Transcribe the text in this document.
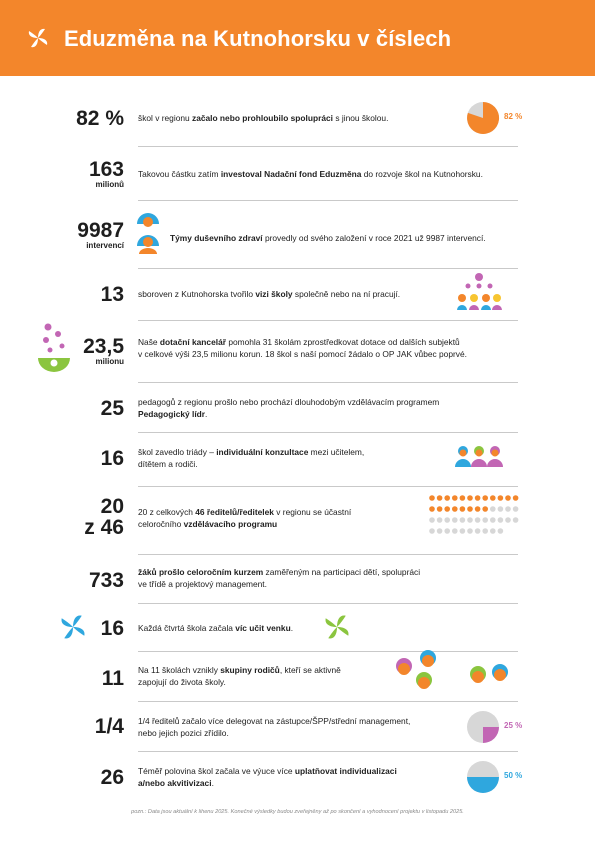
Eduzměna na Kutnohorsku v číslech
82 % škol v regionu začalo nebo prohloubilo spolupráci s jinou školou.	82 %
163
milionů
Takovou částku zatím investoval Nadační fond Eduzměna do rozvoje škol na Kutnohorsku.
9987
intervencí
Týmy duševního zdraví provedly od svého založení v roce 2021 už 9987 intervencí.
13 sboroven z Kutnohorska tvořilo vizi školy společně nebo na ní pracují.
23,5
milionu
Naše dotační kancelář pomohla 31 školám zprostředkovat dotace od dalších subjektů
v celkové výši 23,5 milionu korun. 18 škol s naší pomocí žádalo o OP JAK vůbec poprvé.
25 pedagogů z regionu prošlo nebo prochází dlouhodobým vzdělávacím programem
Pedagogický lídr.
16 škol zavedlo triády – individuální konzultace mezi učitelem,
dítětem a rodiči.
20
z 46
20 z celkových 46 ředitelů/ředitelek v regionu se účastní
celoročního vzdělávacího programu
733 žáků prošlo celoročním kurzem zaměřeným na participaci dětí, spolupráci
ve třídě a projektový management.
16 Každá čtvrtá škola začala víc učit venku.
11 Na 11 školách vznikly skupiny rodičů, kteří se aktivně
zapojují do života školy.
1/4 1/4 ředitelů začalo více delegovat na zástupce/ŠPP/střední management,
nebo jejich pozici zřídilo.
25 %
26 Téměř polovina škol začala ve výuce více uplatňovat individualizaci
a/nebo akvitivizaci.
50 %
pozn.: Data jsou aktuální k lihenu 2025. Konečné výsledky budou zveřejněny až po skončení a vyhodnocení projektu v listopadu 2025.
